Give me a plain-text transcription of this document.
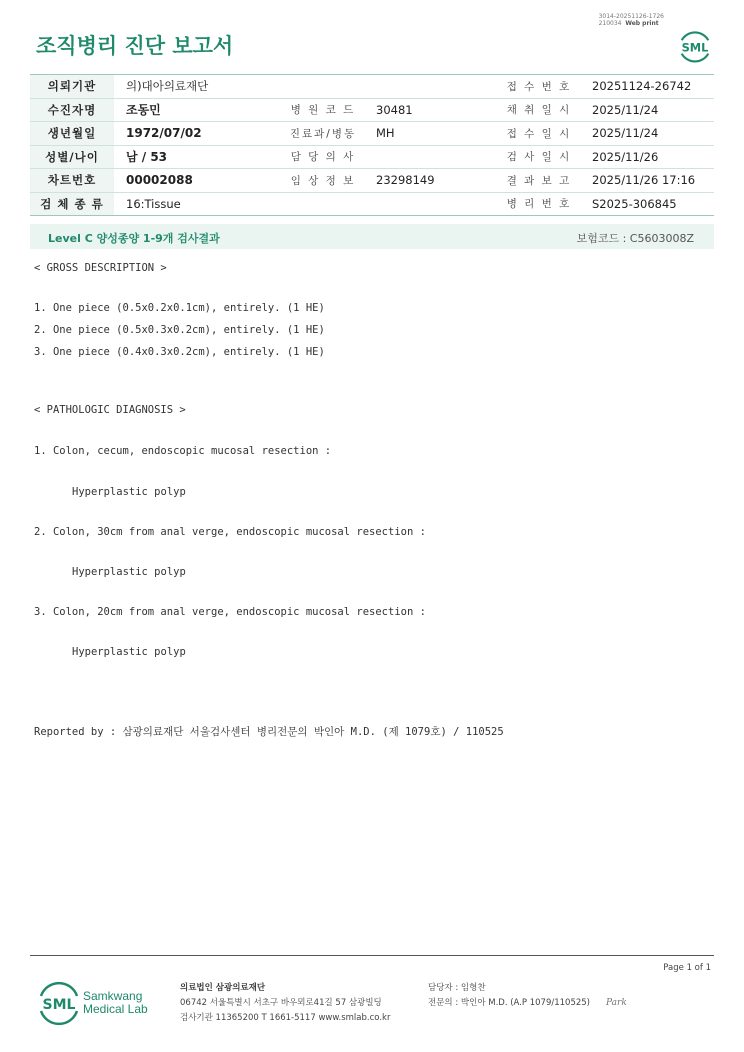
3014-20251126-1726
210034 Web print
조직병리 진단 보고서	SML
의뢰기관	의)대아의료재단			접 수 번 호	20251124-26742
수진자명	조동민	병 원 코 드	30481	채 취 일 시	2025/11/24
생년월일	1972/07/02	진료과/병동	MH	접 수 일 시	2025/11/24
성별/나이	남 / 53	담 당 의 사		검 사 일 시	2025/11/26
차트번호	00002088	임 상 정 보	23298149	결 과 보 고	2025/11/26 17:16
검 체 종 류	16:Tissue			병 리 번 호	S2025-306845
Level C 양성종양 1-9개 검사결과	보험코드 : C5603008Z
< GROSS DESCRIPTION >
1. One piece (0.5x0.2x0.1cm), entirely. (1 HE)
2. One piece (0.5x0.3x0.2cm), entirely. (1 HE)
3. One piece (0.4x0.3x0.2cm), entirely. (1 HE)
< PATHOLOGIC DIAGNOSIS >
1. Colon, cecum, endoscopic mucosal resection :
Hyperplastic polyp
2. Colon, 30cm from anal verge, endoscopic mucosal resection :
Hyperplastic polyp
3. Colon, 20cm from anal verge, endoscopic mucosal resection :
Hyperplastic polyp
Reported by : 삼광의료재단 서울검사센터 병리전문의 박인아 M.D. (제 1079호) / 110525
Page 1 of 1
SML
Samkwang
Medical Lab
의료법인 삼광의료재단
06742 서울특별시 서초구 바우뫼로41길 57 삼광빌딩
검사기관 11365200 T 1661-5117 www.smlab.co.kr
담당자 : 임형찬
전문의 : 박인아 M.D. (A.P 1079/110525) Park
